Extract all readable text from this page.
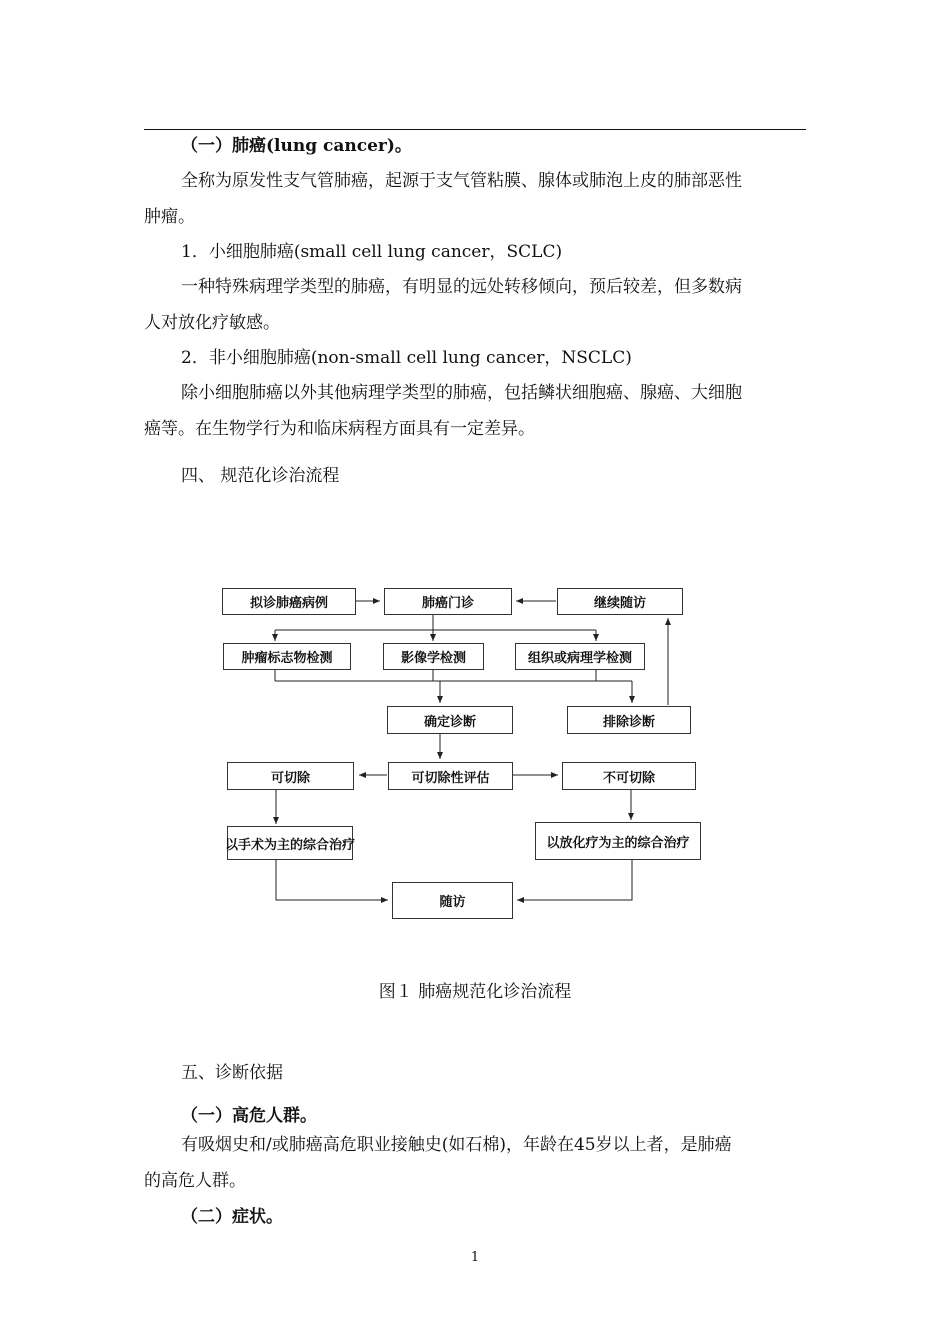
（一）肺癌(lung cancer)。
全称为原发性支气管肺癌，起源于支气管粘膜、腺体或肺泡上皮的肺部恶性
肿瘤。
1．小细胞肺癌(small cell lung cancer，SCLC)
一种特殊病理学类型的肺癌，有明显的远处转移倾向，预后较差，但多数病
人对放化疗敏感。
2．非小细胞肺癌(non-small cell lung cancer，NSCLC)
除小细胞肺癌以外其他病理学类型的肺癌，包括鳞状细胞癌、腺癌、大细胞
癌等。在生物学行为和临床病程方面具有一定差异。
四、 规范化诊治流程
拟诊肺癌病例	肺癌门诊	继续随访
肿瘤标志物检测	影像学检测	组织或病理学检测
确定诊断	排除诊断
可切除	可切除性评估	不可切除
以手术为主的综合治疗	以放化疗为主的综合治疗
随访
图１ 肺癌规范化诊治流程
五、诊断依据
（一）高危人群。
有吸烟史和/或肺癌高危职业接触史(如石棉)，年龄在45岁以上者，是肺癌
的高危人群。
（二）症状。
1
